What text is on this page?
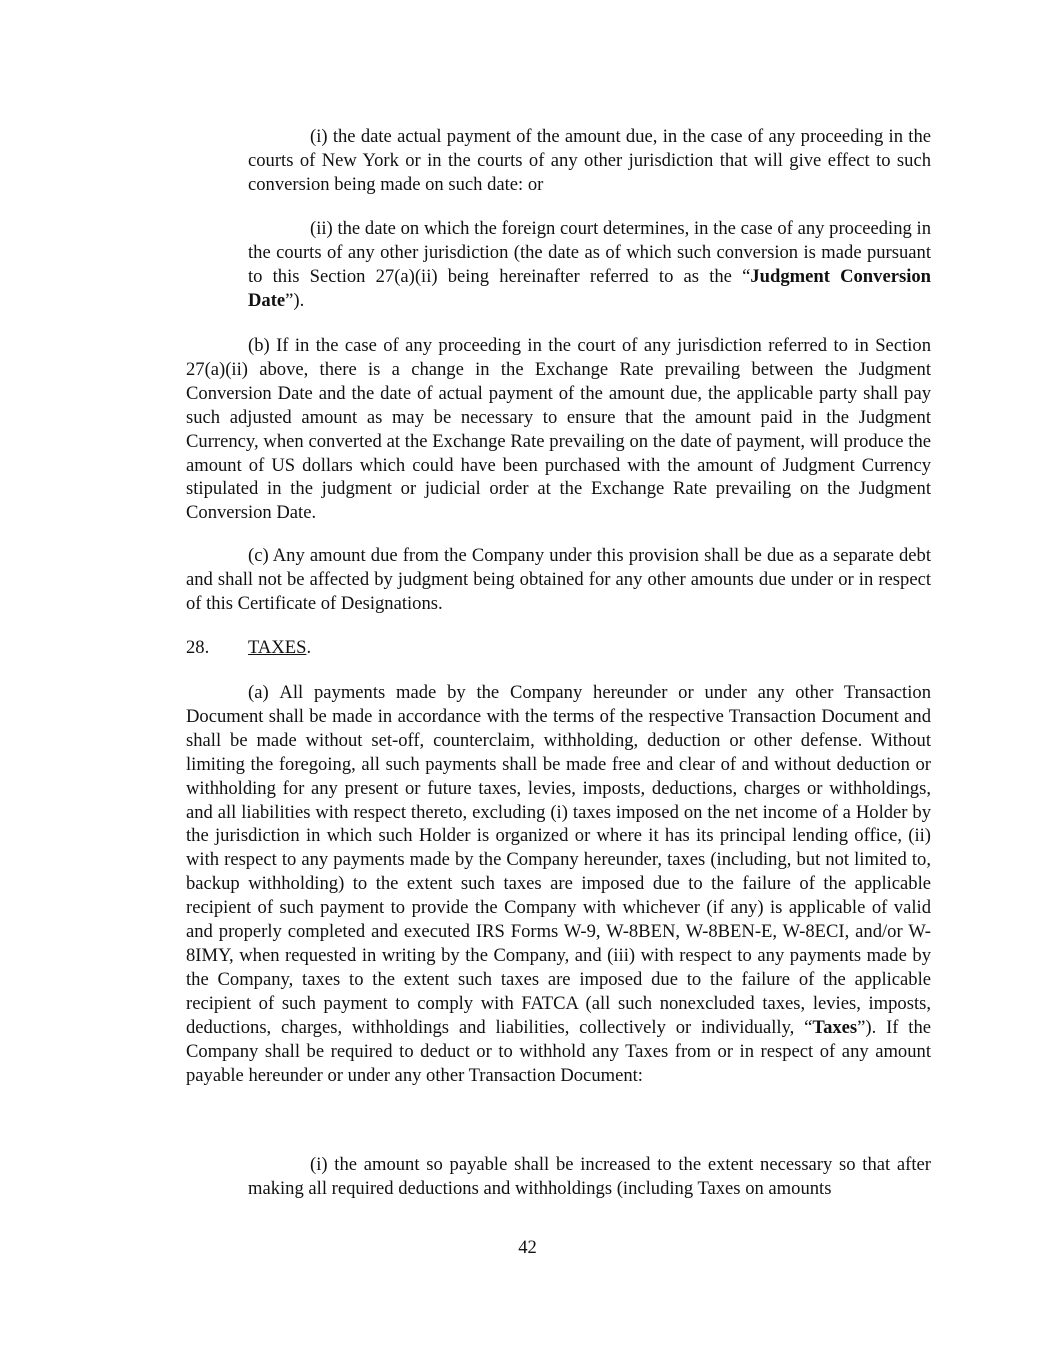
(i) the date actual payment of the amount due, in the case of any proceeding in the courts of New York or in the courts of any other jurisdiction that will give effect to such conversion being made on such date: or

(ii) the date on which the foreign court determines, in the case of any proceeding in the courts of any other jurisdiction (the date as of which such conversion is made pursuant to this Section 27(a)(ii) being hereinafter referred to as the “Judgment Conversion Date”).

(b) If in the case of any proceeding in the court of any jurisdiction referred to in Section 27(a)(ii) above, there is a change in the Exchange Rate prevailing between the Judgment Conversion Date and the date of actual payment of the amount due, the applicable party shall pay such adjusted amount as may be necessary to ensure that the amount paid in the Judgment Currency, when converted at the Exchange Rate prevailing on the date of payment, will produce the amount of US dollars which could have been purchased with the amount of Judgment Currency stipulated in the judgment or judicial order at the Exchange Rate prevailing on the Judgment Conversion Date.

(c) Any amount due from the Company under this provision shall be due as a separate debt and shall not be affected by judgment being obtained for any other amounts due under or in respect of this Certificate of Designations.

28. TAXES.

(a) All payments made by the Company hereunder or under any other Transaction Document shall be made in accordance with the terms of the respective Transaction Document and shall be made without set-off, counterclaim, withholding, deduction or other defense. Without limiting the foregoing, all such payments shall be made free and clear of and without deduction or withholding for any present or future taxes, levies, imposts, deductions, charges or withholdings, and all liabilities with respect thereto, excluding (i) taxes imposed on the net income of a Holder by the jurisdiction in which such Holder is organized or where it has its principal lending office, (ii) with respect to any payments made by the Company hereunder, taxes (including, but not limited to, backup withholding) to the extent such taxes are imposed due to the failure of the applicable recipient of such payment to provide the Company with whichever (if any) is applicable of valid and properly completed and executed IRS Forms W-9, W-8BEN, W-8BEN-E, W-8ECI, and/or W-8IMY, when requested in writing by the Company, and (iii) with respect to any payments made by the Company, taxes to the extent such taxes are imposed due to the failure of the applicable recipient of such payment to comply with FATCA (all such nonexcluded taxes, levies, imposts, deductions, charges, withholdings and liabilities, collectively or individually, “Taxes”). If the Company shall be required to deduct or to withhold any Taxes from or in respect of any amount payable hereunder or under any other Transaction Document:

(i) the amount so payable shall be increased to the extent necessary so that after making all required deductions and withholdings (including Taxes on amounts

42
